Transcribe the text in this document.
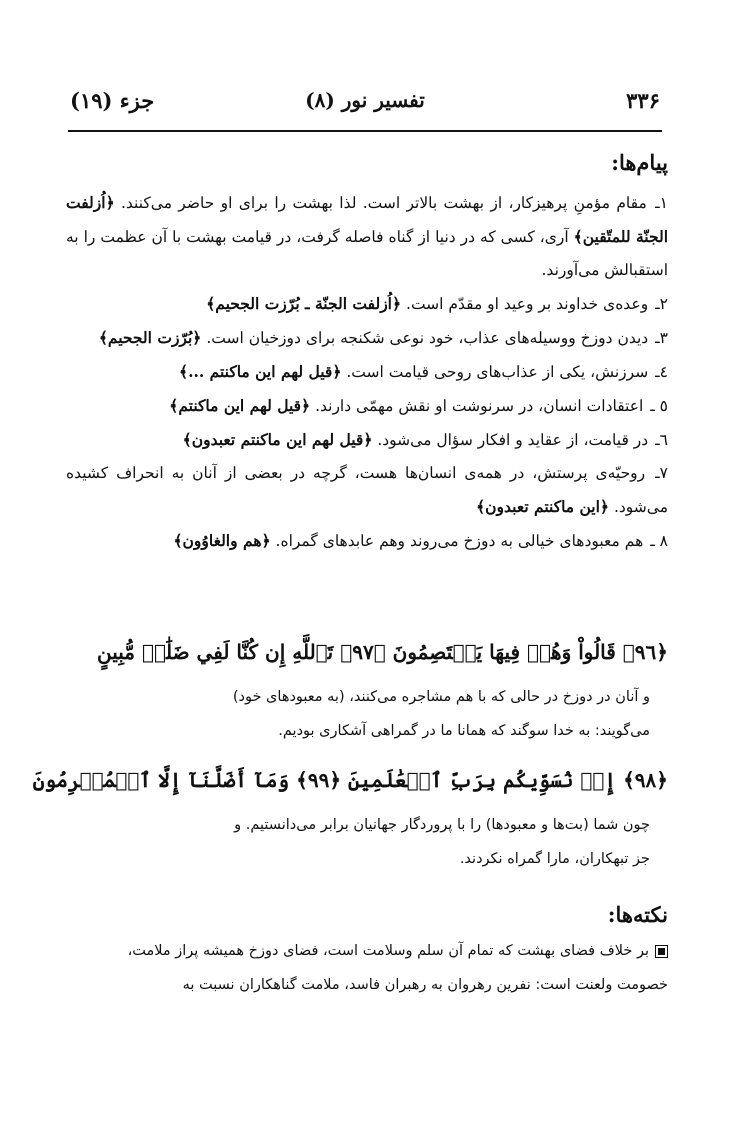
۳۳۶
تفسیر نور (۸)
جزء (۱۹)
پیام‌ها:

۱ـ مقام مؤمنِ پرهیزکار، از بهشت بالاتر است. لذا بهشت را برای او حاضر می‌کنند. ﴿اُزلفت الجنّة للمتّقین﴾ آری، کسی که در دنیا از گناه فاصله گرفت، در قیامت بهشت با آن عظمت را به استقبالش می‌آورند.

۲ـ وعده‌ی خداوند بر وعید او مقدّم است. ﴿اُزلفت الجنّة ـ بُرّزت الجحیم﴾

۳ـ دیدن دوزخ ووسیله‌های عذاب، خود نوعی شکنجه برای دوزخیان است. ﴿بُرّزت الجحیم﴾

٤ـ سرزنش، یکی از عذاب‌های روحی قیامت است. ﴿قیل لهم این ماکنتم ...﴾

٥ ـ اعتقادات انسان، در سرنوشت او نقش مهمّی دارند. ﴿قیل لهم این ماکنتم﴾

٦ـ در قیامت، از عقاید و افکار سؤال می‌شود. ﴿قیل لهم این ماکنتم تعبدون﴾

۷ـ روحیّه‌ی پرستش، در همه‌ی انسان‌ها هست، گرچه در بعضی از آنان به انحراف کشیده می‌شود. ﴿این ماکنتم تعبدون﴾

۸ ـ هم معبودهای خیالی به دوزخ می‌روند وهم عابدهای گمراه. ﴿هم والغاوُون﴾

﴿٩٦﴾ قَالُواْ وَهُمۡ فِيهَا يَخۡتَصِمُونَ ﴿٩٧﴾ تَٱللَّهِ إِن كُنَّا لَفِي ضَلَٰلٖ مُّبِينٍ

و آنان در دوزخ در حالی که با هم مشاجره می‌کنند، (به معبودهای خود)

می‌گویند: به خدا سوگند که همانا ما در گمراهی آشکاری بودیم.

﴿٩٨﴾ إِذۡ نُسَوِّيكُم بِرَبِّ ٱلۡعَٰلَمِينَ ﴿٩٩﴾ وَمَآ أَضَلَّنَآ إِلَّا ٱلۡمُجۡرِمُونَ

چون شما (بت‌ها و معبودها) را با پروردگار جهانیان برابر می‌دانستیم. و

جز تبهکاران، مارا گمراه نکردند.

نکته‌ها:

بر خلاف فضای بهشت که تمام آن سلم وسلامت است، فضای دوزخ همیشه پراز ملامت،

خصومت ولعنت است: نفرین رهروان به رهبران فاسد، ملامت گناهکاران نسبت به
